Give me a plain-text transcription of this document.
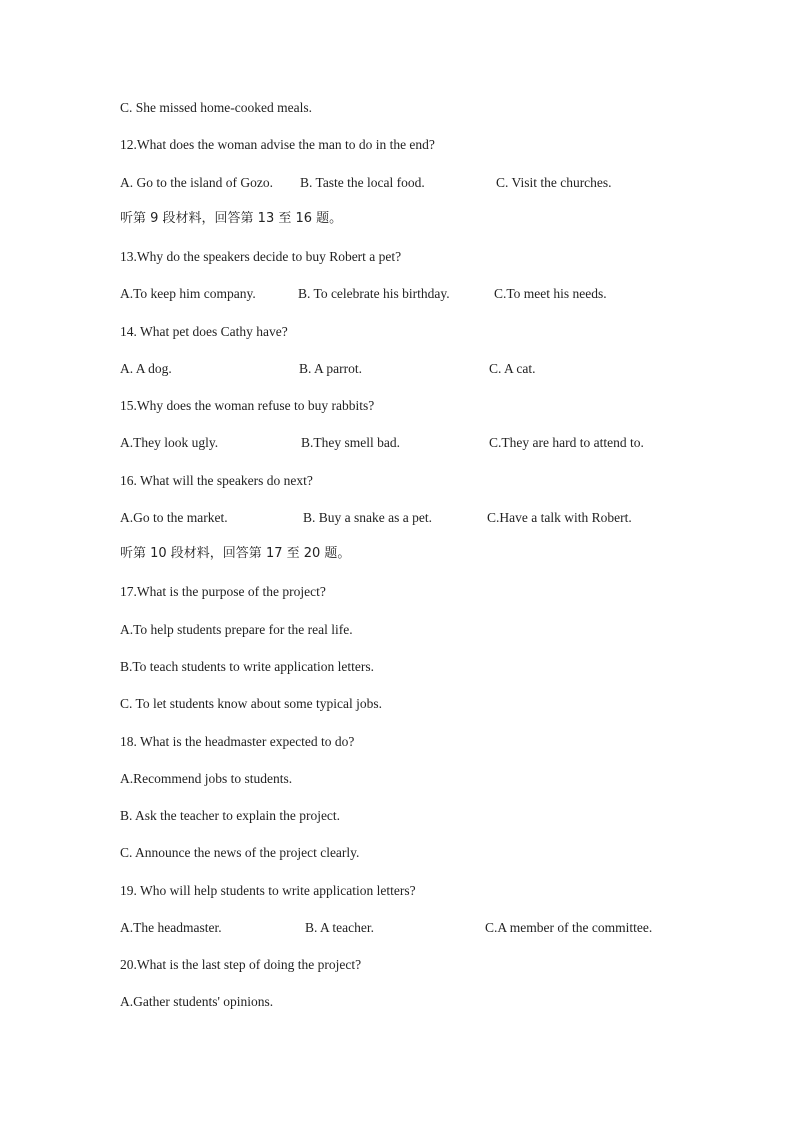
C. She missed home-cooked meals.
12.What does the woman advise the man to do in the end?
A. Go to the island of Gozo. B. Taste the local food.	C. Visit the churches.
听第 9 段材料，回答第 13 至 16 题。
13.Why do the speakers decide to buy Robert a pet?
A.To keep him company.	B. To celebrate his birthday.	C.To meet his needs.
14. What pet does Cathy have?
A. A dog.	B. A parrot.	C. A cat.
15.Why does the woman refuse to buy rabbits?
A.They look ugly.	B.They smell bad.	C.They are hard to attend to.
16. What will the speakers do next?
A.Go to the market.	B. Buy a snake as a pet.	C.Have a talk with Robert.
听第 10 段材料，回答第 17 至 20 题。
17.What is the purpose of the project?
A.To help students prepare for the real life.
B.To teach students to write application letters.
C. To let students know about some typical jobs.
18. What is the headmaster expected to do?
A.Recommend jobs to students.
B. Ask the teacher to explain the project.
C. Announce the news of the project clearly.
19. Who will help students to write application letters?
A.The headmaster.	B. A teacher.	C.A member of the committee.
20.What is the last step of doing the project?
A.Gather students' opinions.
